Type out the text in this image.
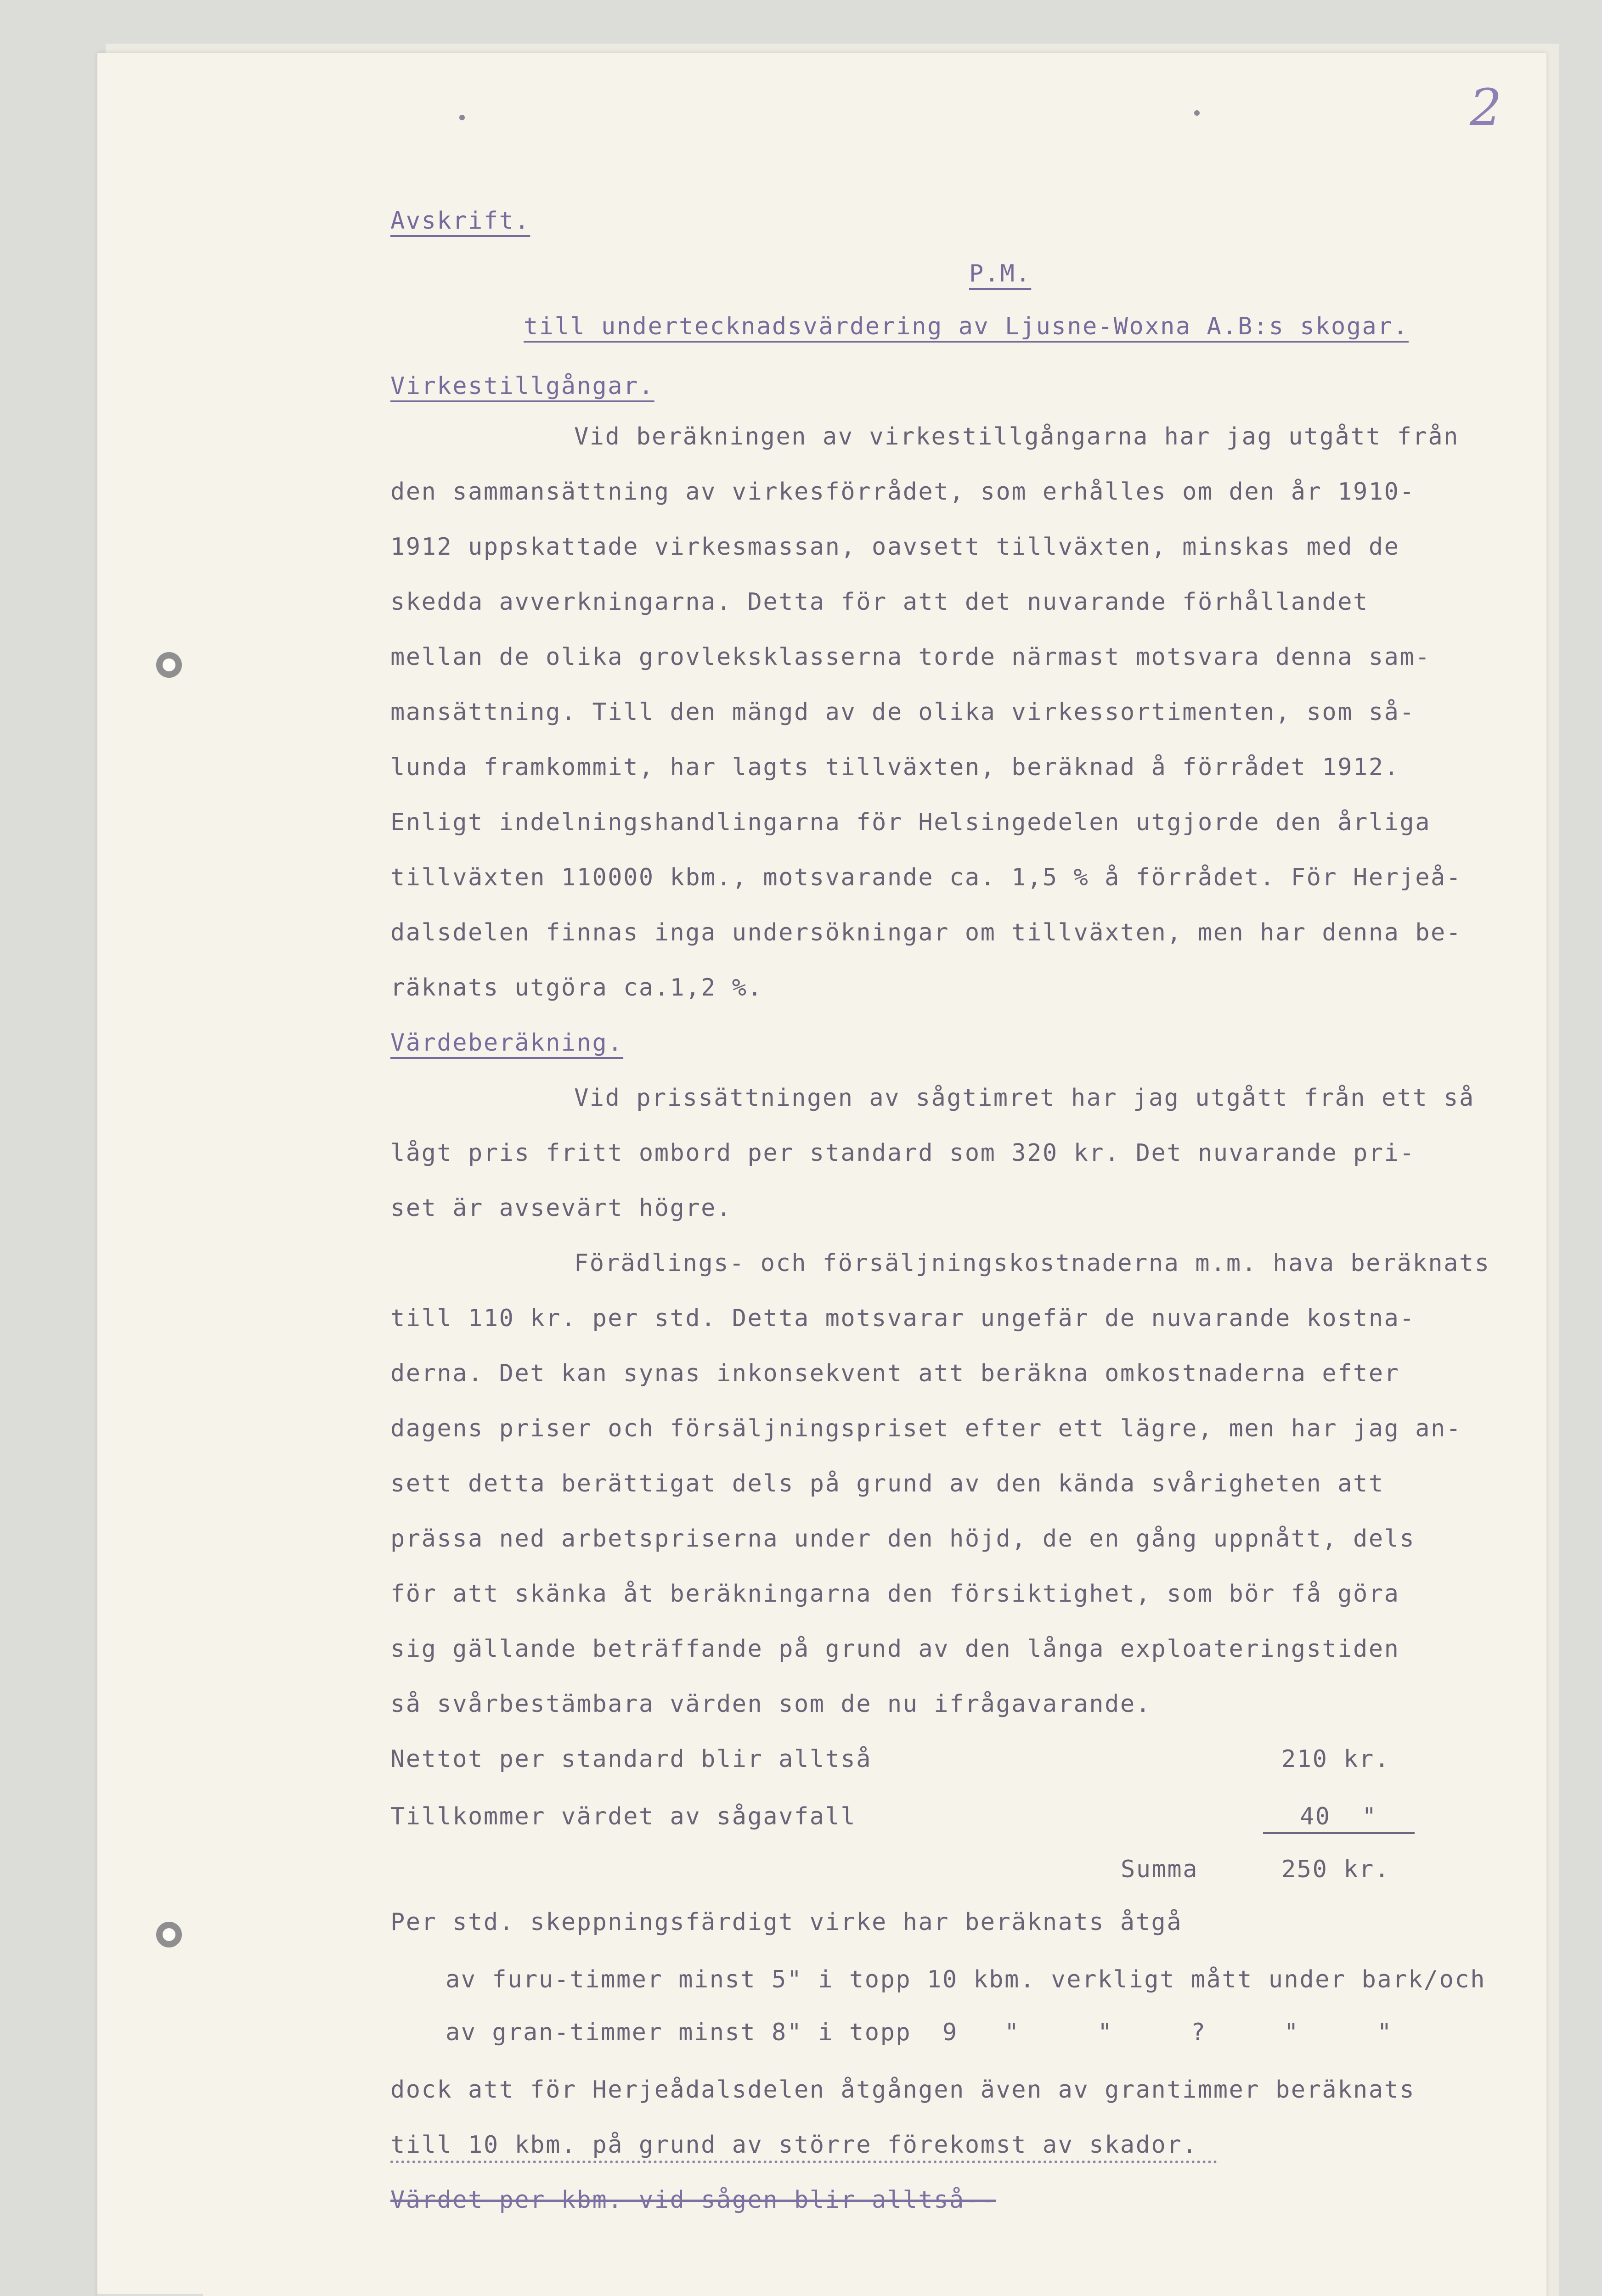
2
Avskrift.
P.M.
till undertecknadsvärdering av Ljusne-Woxna A.B:s skogar.
Virkestillgångar.
Vid beräkningen av virkestillgångarna har jag utgått från
den sammansättning av virkesförrådet, som erhålles om den år 1910-
1912 uppskattade virkesmassan, oavsett tillväxten, minskas med de
skedda avverkningarna. Detta för att det nuvarande förhållandet
mellan de olika grovleksklasserna torde närmast motsvara denna sam-
mansättning. Till den mängd av de olika virkessortimenten, som så-
lunda framkommit, har lagts tillväxten, beräknad å förrådet 1912.
Enligt indelningshandlingarna för Helsingedelen utgjorde den årliga
tillväxten 110000 kbm., motsvarande ca. 1,5 % å förrådet. För Herjeå-
dalsdelen finnas inga undersökningar om tillväxten, men har denna be-
räknats utgöra ca.1,2 %.
Värdeberäkning.
Vid prissättningen av sågtimret har jag utgått från ett så
lågt pris fritt ombord per standard som 320 kr. Det nuvarande pri-
set är avsevärt högre.
Förädlings- och försäljningskostnaderna m.m. hava beräknats
till 110 kr. per std. Detta motsvarar ungefär de nuvarande kostna-
derna. Det kan synas inkonsekvent att beräkna omkostnaderna efter
dagens priser och försäljningspriset efter ett lägre, men har jag an-
sett detta berättigat dels på grund av den kända svårigheten att
prässa ned arbetspriserna under den höjd, de en gång uppnått, dels
för att skänka åt beräkningarna den försiktighet, som bör få göra
sig gällande beträffande på grund av den långa exploateringstiden
så svårbestämbara värden som de nu ifrågavarande.
Nettot per standard blir alltså	210 kr.
Tillkommer värdet av sågavfall	40  "
Summa	250 kr.
Per std. skeppningsfärdigt virke har beräknats åtgå
av furu-timmer minst 5" i topp 10 kbm. verkligt mått under bark/och
av gran-timmer minst 8" i topp  9   "     "     ?     "     "
dock att för Herjeådalsdelen åtgången även av grantimmer beräknats
till 10 kbm. på grund av större förekomst av skador.
Värdet per kbm. vid sågen blir alltså--
